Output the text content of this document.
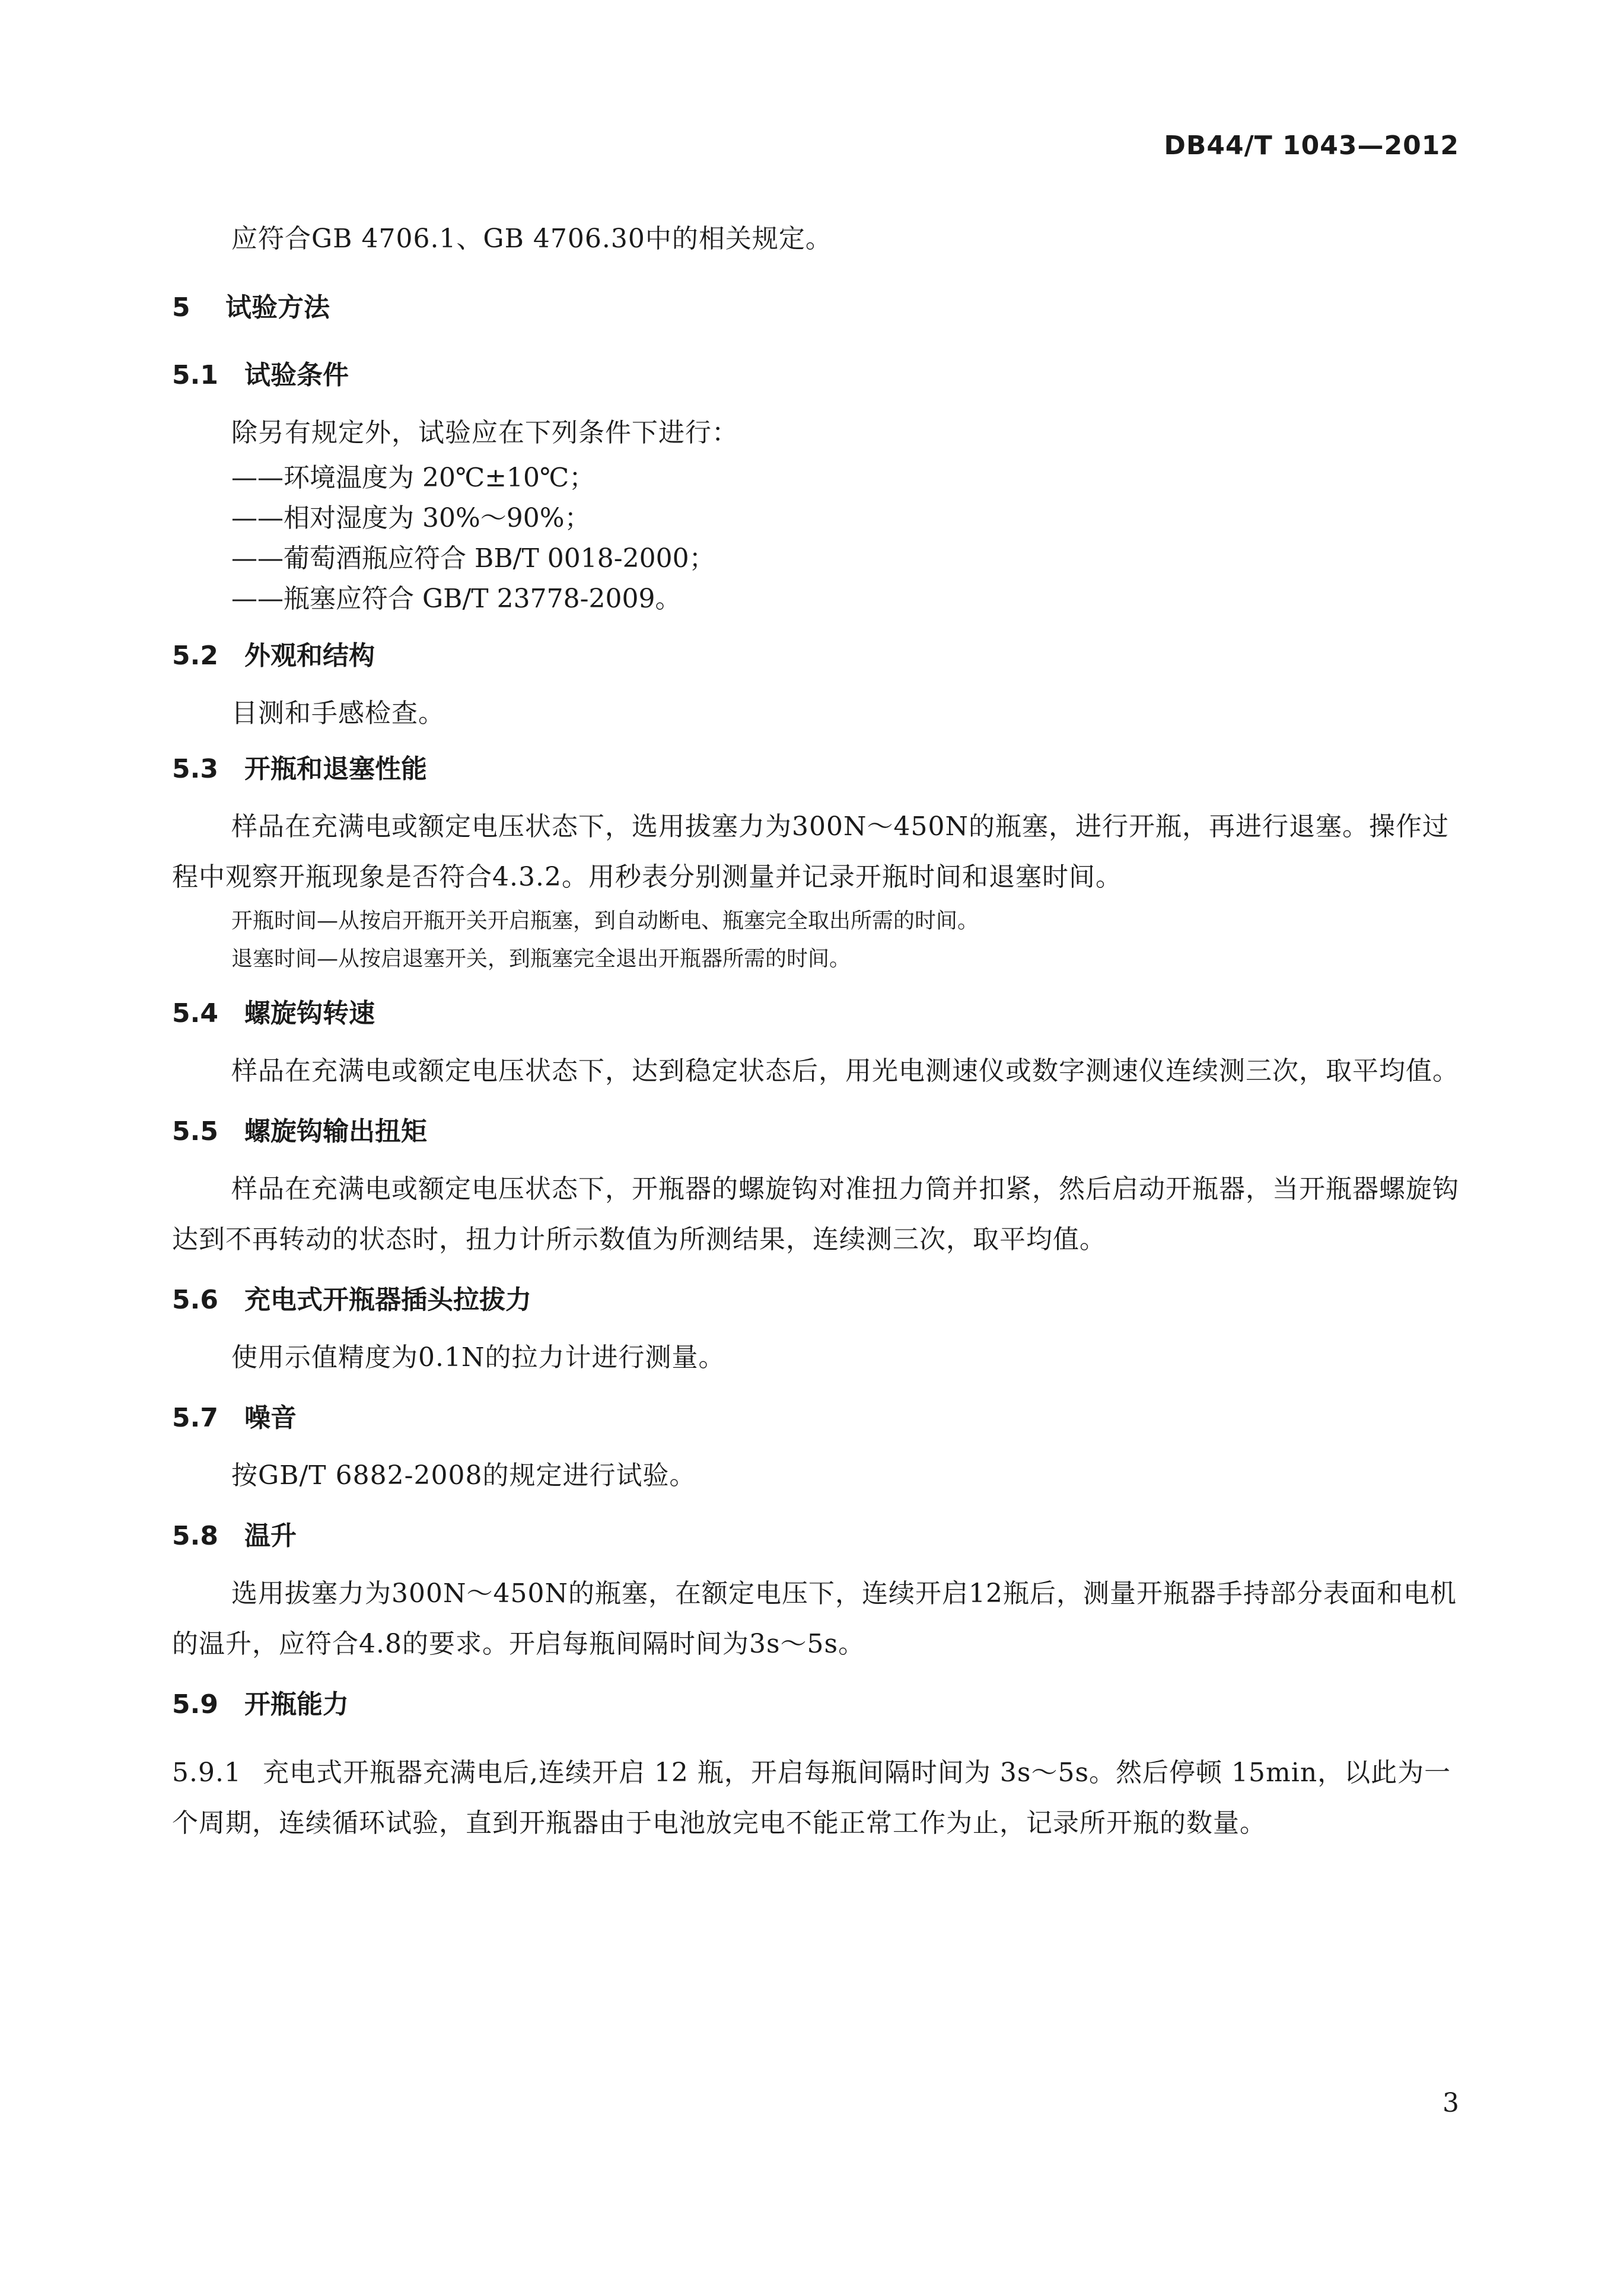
DB44/T 1043—2012

应符合GB 4706.1、GB 4706.30中的相关规定。

5 试验方法
5.1 试验条件

除另有规定外，试验应在下列条件下进行：

——环境温度为 20℃±10℃；

——相对湿度为 30%～90%；

——葡萄酒瓶应符合 BB/T 0018-2000；

——瓶塞应符合 GB/T 23778-2009。

5.2 外观和结构

目测和手感检查。

5.3 开瓶和退塞性能

样品在充满电或额定电压状态下，选用拔塞力为300N～450N的瓶塞，进行开瓶，再进行退塞。操作过程中观察开瓶现象是否符合4.3.2。用秒表分别测量并记录开瓶时间和退塞时间。

开瓶时间—从按启开瓶开关开启瓶塞，到自动断电、瓶塞完全取出所需的时间。

退塞时间—从按启退塞开关，到瓶塞完全退出开瓶器所需的时间。

5.4 螺旋钩转速

样品在充满电或额定电压状态下，达到稳定状态后，用光电测速仪或数字测速仪连续测三次，取平均值。

5.5 螺旋钩输出扭矩

样品在充满电或额定电压状态下，开瓶器的螺旋钩对准扭力筒并扣紧，然后启动开瓶器，当开瓶器螺旋钩达到不再转动的状态时，扭力计所示数值为所测结果，连续测三次，取平均值。

5.6 充电式开瓶器插头拉拔力

使用示值精度为0.1N的拉力计进行测量。

5.7 噪音

按GB/T 6882-2008的规定进行试验。

5.8 温升

选用拔塞力为300N～450N的瓶塞，在额定电压下，连续开启12瓶后，测量开瓶器手持部分表面和电机的温升，应符合4.8的要求。开启每瓶间隔时间为3s～5s。

5.9 开瓶能力

5.9.1 充电式开瓶器充满电后,连续开启 12 瓶，开启每瓶间隔时间为 3s～5s。然后停顿 15min，以此为一个周期，连续循环试验，直到开瓶器由于电池放完电不能正常工作为止，记录所开瓶的数量。

3
